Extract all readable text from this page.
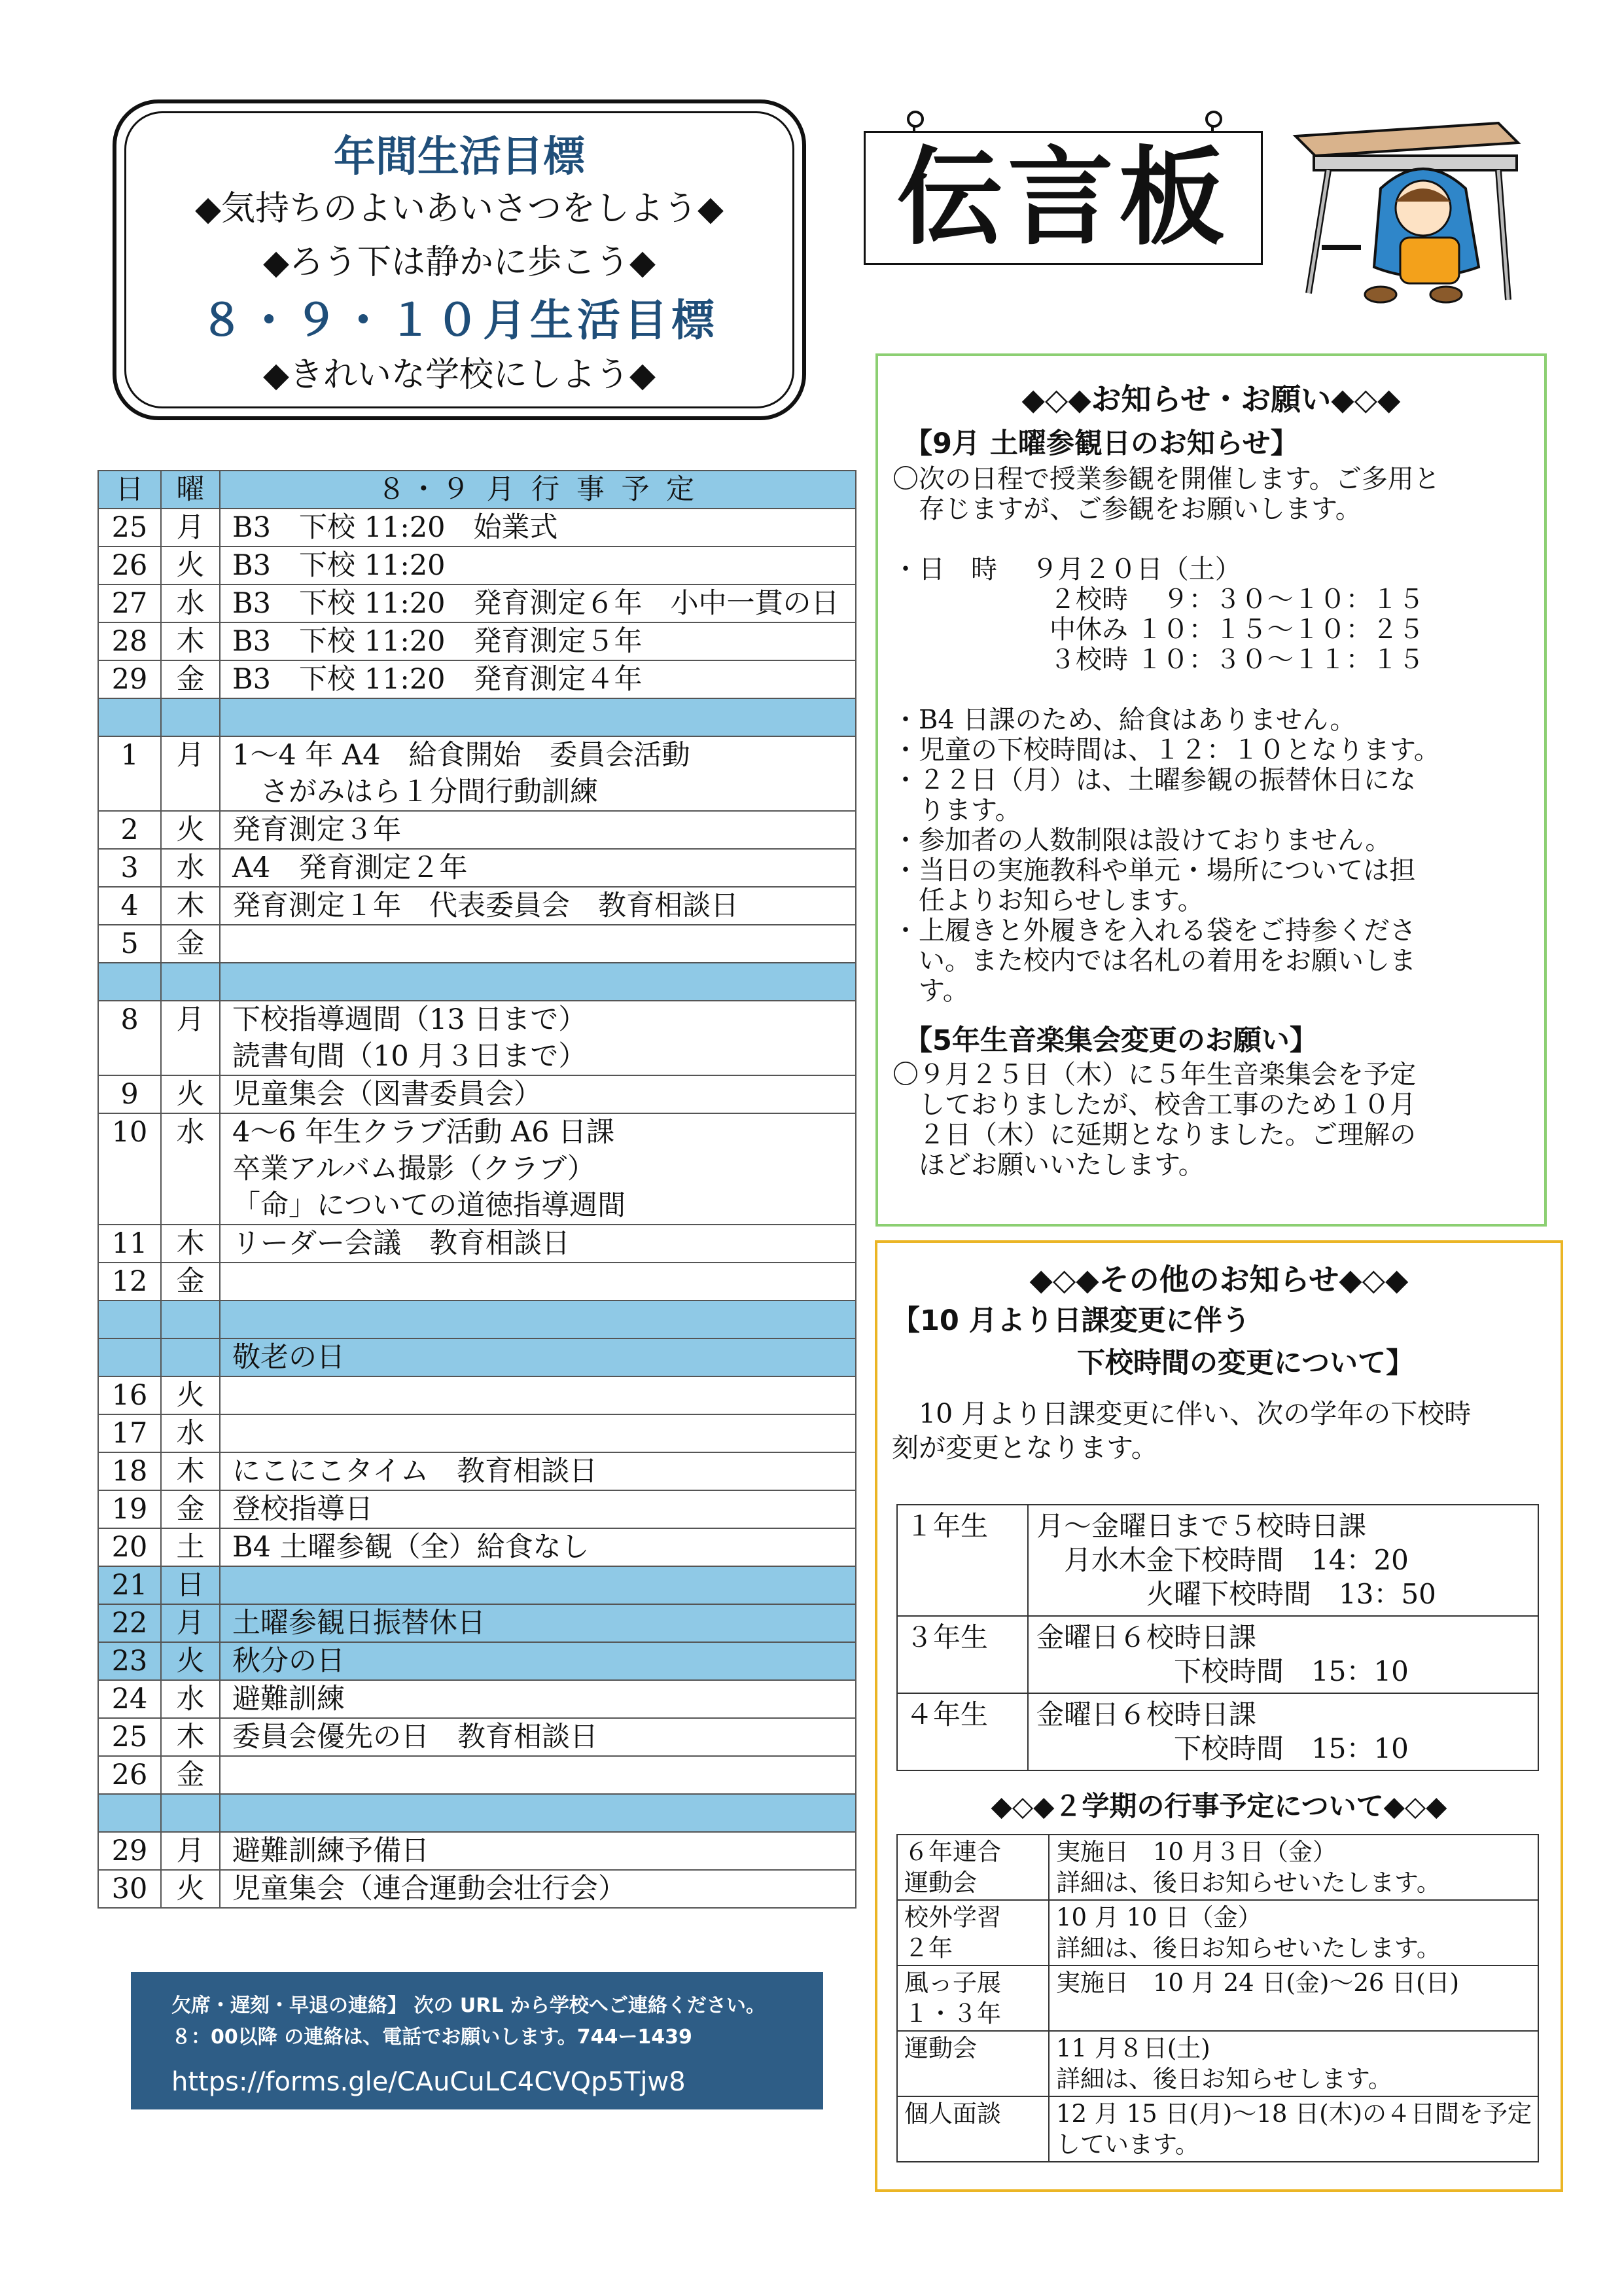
年間生活目標
◆気持ちのよいあいさつをしよう◆
◆ろう下は静かに歩こう◆
８・９・１０月生活目標
◆きれいな学校にしよう◆
伝言板
日	曜	８・９ 月 行 事 予 定
25	月	B3　下校 11:20　始業式
26	火	B3　下校 11:20
27	水	B3　下校 11:20　発育測定６年　小中一貫の日
28	木	B3　下校 11:20　発育測定５年
29	金	B3　下校 11:20　発育測定４年

1	月	1～4 年 A4　給食開始　委員会活動
　さがみはら１分間行動訓練
2	火	発育測定３年
3	水	A4　発育測定２年
4	木	発育測定１年　代表委員会　教育相談日
5	金	

8	月	下校指導週間（13 日まで）
読書旬間（10 月３日まで）
9	火	児童集会（図書委員会）
10	水	4～6 年生クラブ活動 A6 日課
卒業アルバム撮影（クラブ）
「命」についての道徳指導週間
11	木	リーダー会議　教育相談日
12	金	

		敬老の日
16	火	
17	水	
18	木	にこにこタイム　教育相談日
19	金	登校指導日
20	土	B4 土曜参観（全）給食なし
21	日	
22	月	土曜参観日振替休日
23	火	秋分の日
24	水	避難訓練
25	木	委員会優先の日　教育相談日
26	金	

29	月	避難訓練予備日
30	火	児童集会（連合運動会壮行会）
欠席・遅刻・早退の連絡】 次の URL から学校へご連絡ください。８：00以降 の連絡は、電話でお願いします。744ー1439
https://forms.gle/CAuCuLC4CVQp5Tjw8
◆◇◆お知らせ・お願い◆◇◆
【9月 土曜参観日のお知らせ】
〇次の日程で授業参観を開催します。ご多用と
　存じますが、ご参観をお願いします。

・日　時　 ９月２０日（土）
　　　　　　２校時　 ９：３０～１０：１５
　　　　　　中休み １０：１５～１０：２５
　　　　　　３校時 １０：３０～１１：１５

・B4 日課のため、給食はありません。
・児童の下校時間は、１２：１０となります。
・２２日（月）は、土曜参観の振替休日にな
　ります。
・参加者の人数制限は設けておりません。
・当日の実施教科や単元・場所については担
　任よりお知らせします。
・上履きと外履きを入れる袋をご持参くださ
　い。また校内では名札の着用をお願いしま
　す。
【5年生音楽集会変更のお願い】
〇９月２５日（木）に５年生音楽集会を予定
　しておりましたが、校舎工事のため１０月
　２日（木）に延期となりました。ご理解の
　ほどお願いいたします。
◆◇◆その他のお知らせ◆◇◆
【10 月より日課変更に伴う
下校時間の変更について】
　10 月より日課変更に伴い、次の学年の下校時
刻が変更となります。
◆◇◆２学期の行事予定について◆◇◆
１年生	月～金曜日まで５校時日課
　月水木金下校時間　14：20
　　　　火曜下校時間　13：50
３年生	金曜日６校時日課
　　　　　下校時間　15：10
４年生	金曜日６校時日課
　　　　　下校時間　15：10
６年連合
運動会	実施日　10 月３日（金）
詳細は、後日お知らせいたします。
校外学習
２年	10 月 10 日（金）
詳細は、後日お知らせいたします。
風っ子展
１・３年	実施日　10 月 24 日(金)～26 日(日)

運動会	11 月８日(土)
詳細は、後日お知らせします。
個人面談	12 月 15 日(月)～18 日(木)の４日間を予定
しています。
